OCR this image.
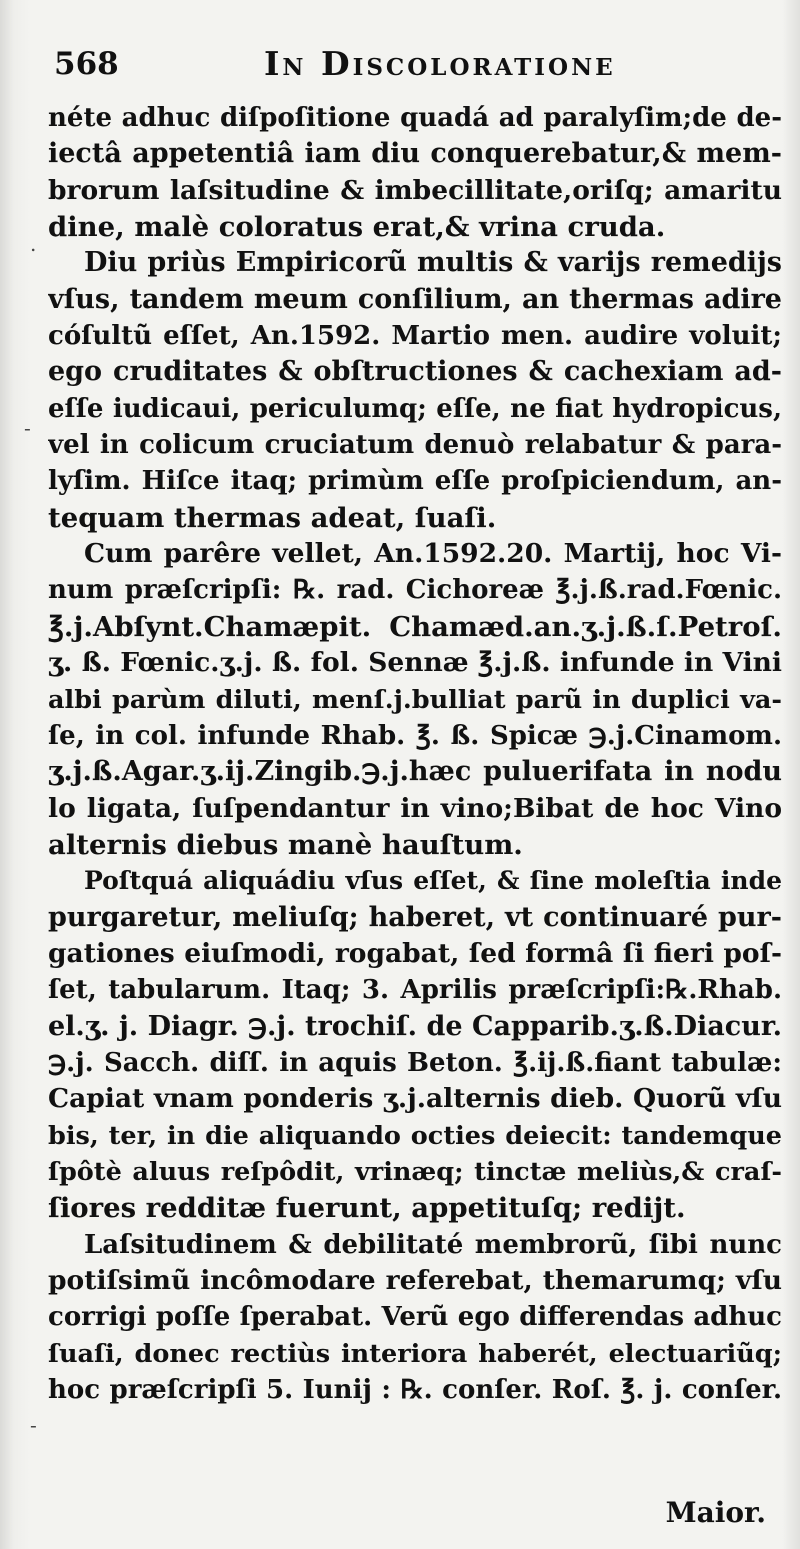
568	In Discoloratione
néte adhuc diſpoſitione quadá ad paralyſim;de de-
iectâ appetentiâ iam diu conquerebatur,& mem-
brorum laſsitudine & imbecillitate,oriſq; amaritu
dine, malè coloratus erat,& vrina cruda.
Diu priùs Empiricorũ multis & varijs remedijs
vſus, tandem meum conſilium, an thermas adire
cóſultũ eſſet, An.1592. Martio men. audire voluit;
ego cruditates & obſtructiones & cachexiam ad-
eſſe iudicaui, periculumq; eſſe, ne fiat hydropicus,
vel in colicum cruciatum denuò relabatur & para-
lyſim. Hiſce itaq; primùm eſſe proſpiciendum, an-
tequam thermas adeat, ſuaſi.
Cum parêre vellet, An.1592.20. Martij, hoc Vi-
num præſcripſi: ℞. rad. Cichoreæ ℥.j.ß.rad.Fœnic.
℥.j.Abſynt.Chamæpit. Chamæd.an.ʒ.j.ß.ſ.Petroſ.
ʒ. ß. Fœnic.ʒ.j. ß. fol. Sennæ ℥.j.ß. infunde in Vini
albi parùm diluti, menſ.j.bulliat parũ in duplici va-
ſe, in col. infunde Rhab. ℥. ß. Spicæ ℈.j.Cinamom.
ʒ.j.ß.Agar.ʒ.ij.Zingib.℈.j.hæc puluerifata in nodu
lo ligata, ſuſpendantur in vino;Bibat de hoc Vino
alternis diebus manè hauſtum.
Poſtquá aliquádiu vſus eſſet, & ſine moleſtia inde
purgaretur, meliuſq; haberet, vt continuaré pur-
gationes eiuſmodi, rogabat, ſed formâ ſi fieri poſ-
ſet, tabularum. Itaq; 3. Aprilis præſcripſi:℞.Rhab.
el.ʒ. j. Diagr. ℈.j. trochiſ. de Capparib.ʒ.ß.Diacur.
℈.j. Sacch. diſſ. in aquis Beton. ℥.ij.ß.fiant tabulæ:
Capiat vnam ponderis ʒ.j.alternis dieb. Quorũ vſu
bis, ter, in die aliquando octies deiecit: tandemque
ſpôtè aluus reſpôdit, vrinæq; tinctæ meliùs,& craſ-
ſiores redditæ fuerunt, appetituſq; redijt.
Laſsitudinem & debilitaté membrorũ, ſibi nunc
potiſsimũ incômodare referebat, themarumq; vſu
corrigi poſſe ſperabat. Verũ ego differendas adhuc
ſuaſi, donec rectiùs interiora haberét, electuariũq;
hoc præſcripſi 5. Iunij : ℞. conſer. Roſ. ℥. j. conſer.
Maior.
.
-
-
